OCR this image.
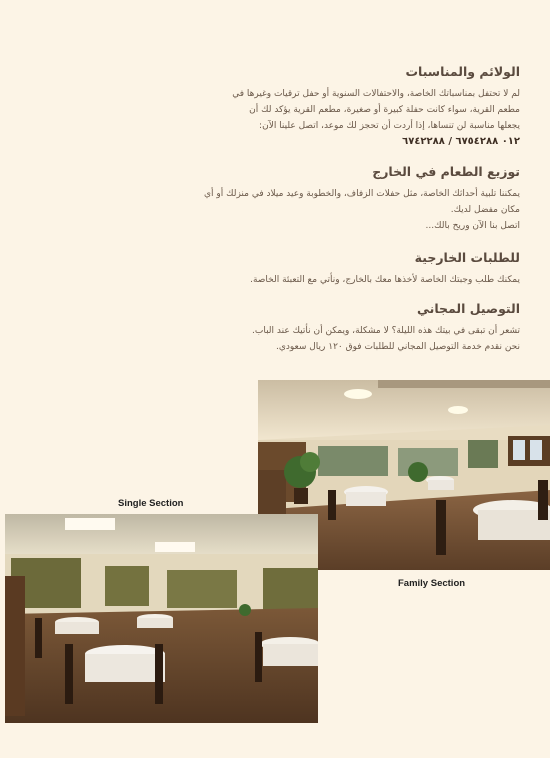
الولائم والمناسبات

لم لا تحتفل بمناسباتك الخاصة، والاحتفالات السنوية أو حفل ترقيات وغيرها في

مطعم القرية، سواء كانت حفلة كبيرة أو صغيرة، مطعم القرية يؤكد لك أن

يجعلها مناسبة لن تنساها، إذا أردت أن تحجز لك موعد، اتصل علينا الآن:

٠١٢ ٦٧٥٤٢٨٨ / ٦٧٤٢٢٨٨

توزيع الطعام في الخارج

يمكننا تلبية أحداثك الخاصة، مثل حفلات الزفاف، والخطوبة وعيد ميلاد في منزلك أو أي

مكان مفضل لديك.

اتصل بنا الآن وريح بالك...

للطلبات الخارجية

يمكنك طلب وجبتك الخاصة لأخذها معك بالخارج، ونأتي مع التعبئة الخاصة.

التوصيل المجاني

تشعر أن تبقى في بيتك هذه الليلة؟ لا مشكلة، ويمكن أن نأتيك عند الباب.

نحن نقدم خدمة التوصيل المجاني للطلبات فوق ١٢٠ ريال سعودي.

Family Section
Single Section
